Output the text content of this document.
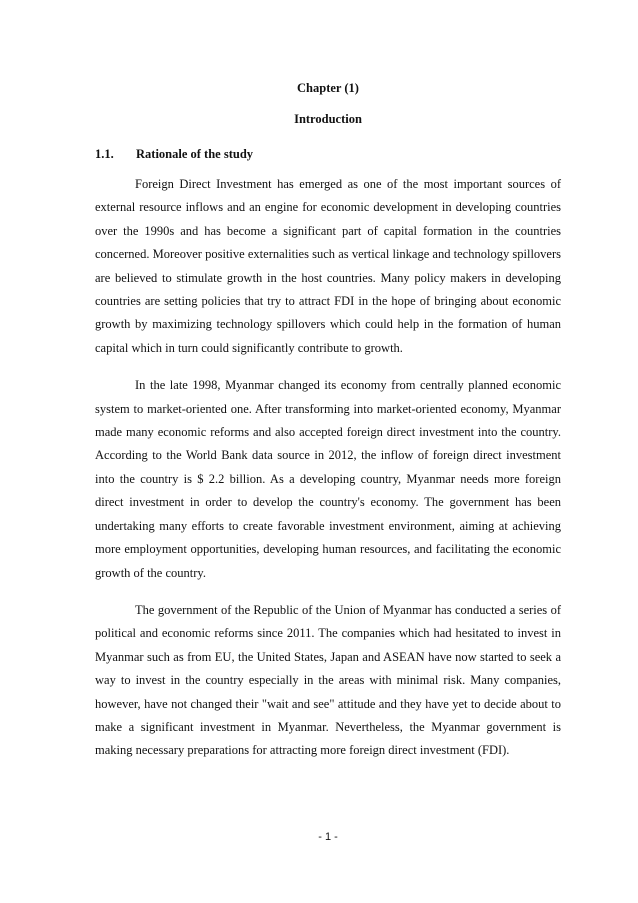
Chapter (1)
Introduction
1.1. Rationale of the study

Foreign Direct Investment has emerged as one of the most important sources of external resource inflows and an engine for economic development in developing countries over the 1990s and has become a significant part of capital formation in the countries concerned. Moreover positive externalities such as vertical linkage and technology spillovers are believed to stimulate growth in the host countries. Many policy makers in developing countries are setting policies that try to attract FDI in the hope of bringing about economic growth by maximizing technology spillovers which could help in the formation of human capital which in turn could significantly contribute to growth.

In the late 1998, Myanmar changed its economy from centrally planned economic system to market-oriented one. After transforming into market-oriented economy, Myanmar made many economic reforms and also accepted foreign direct investment into the country. According to the World Bank data source in 2012, the inflow of foreign direct investment into the country is $ 2.2 billion. As a developing country, Myanmar needs more foreign direct investment in order to develop the country's economy. The government has been undertaking many efforts to create favorable investment environment, aiming at achieving more employment opportunities, developing human resources, and facilitating the economic growth of the country.

The government of the Republic of the Union of Myanmar has conducted a series of political and economic reforms since 2011. The companies which had hesitated to invest in Myanmar such as from EU, the United States, Japan and ASEAN have now started to seek a way to invest in the country especially in the areas with minimal risk. Many companies, however, have not changed their "wait and see" attitude and they have yet to decide about to make a significant investment in Myanmar. Nevertheless, the Myanmar government is making necessary preparations for attracting more foreign direct investment (FDI).

- 1 -
